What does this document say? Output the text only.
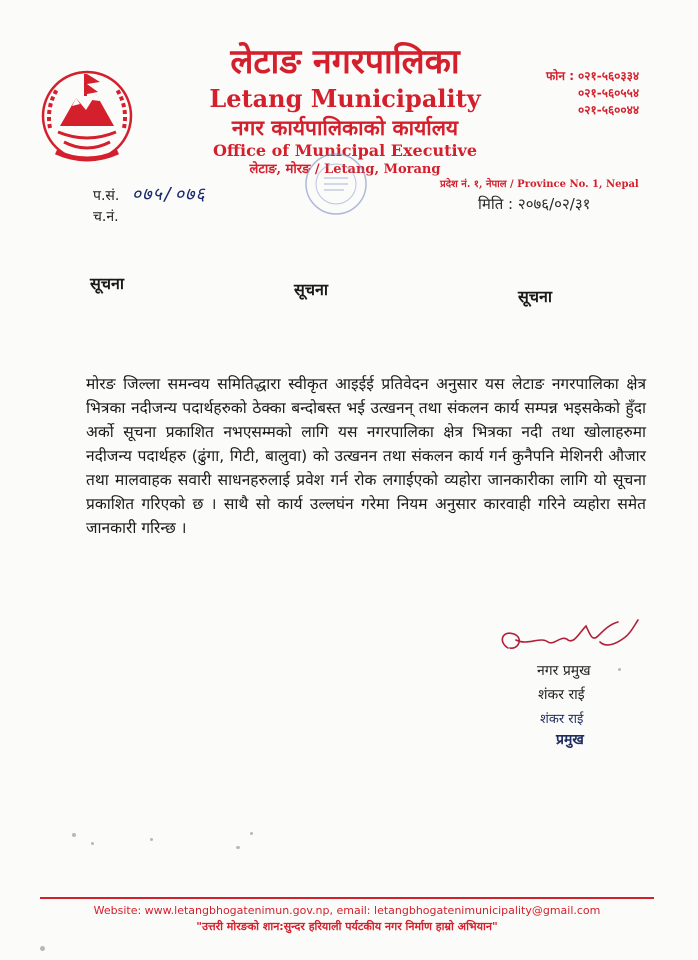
लेटाङ नगरपालिका
Letang Municipality
नगर कार्यपालिकाको कार्यालय
Office of Municipal Executive
लेटाङ, मोरङ / Letang, Morang
फोन : ०२१-५६०३३४
०२१-५६०५५४
०२१-५६००४४
प्रदेश नं. १, नेपाल / Province No. 1, Nepal
मिति : २०७६/०२/३१
प.सं. ०७५/०७६
च.नं.
सूचना	सूचना	सूचना
मोरङ जिल्ला समन्वय समितिद्धारा स्वीकृत आइईई प्रतिवेदन अनुसार यस लेटाङ नगरपालिका क्षेत्र भित्रका नदीजन्य पदार्थहरुको ठेक्का बन्दोबस्त भई उत्खनन् तथा संकलन कार्य सम्पन्न भइसकेको हुँदा अर्को सूचना प्रकाशित नभएसम्मको लागि यस नगरपालिका क्षेत्र भित्रका नदी तथा खोलाहरुमा नदीजन्य पदार्थहरु (ढुंगा, गिटी, बालुवा) को उत्खनन तथा संकलन कार्य गर्न कुनैपनि मेशिनरी औजार तथा मालवाहक सवारी साधनहरुलाई प्रवेश गर्न रोक लगाईएको व्यहोरा जानकारीका लागि यो सूचना प्रकाशित गरिएको छ । साथै सो कार्य उल्लघंन गरेमा नियम अनुसार कारवाही गरिने व्यहोरा समेत जानकारी गरिन्छ ।
नगर प्रमुख
शंकर राई
शंकर राई
प्रमुख
Website: www.letangbhogatenimun.gov.np, email: letangbhogatenimunicipality@gmail.com
"उत्तरी मोरङको शान:सुन्दर हरियाली पर्यटकीय नगर निर्माण हाम्रो अभियान"
